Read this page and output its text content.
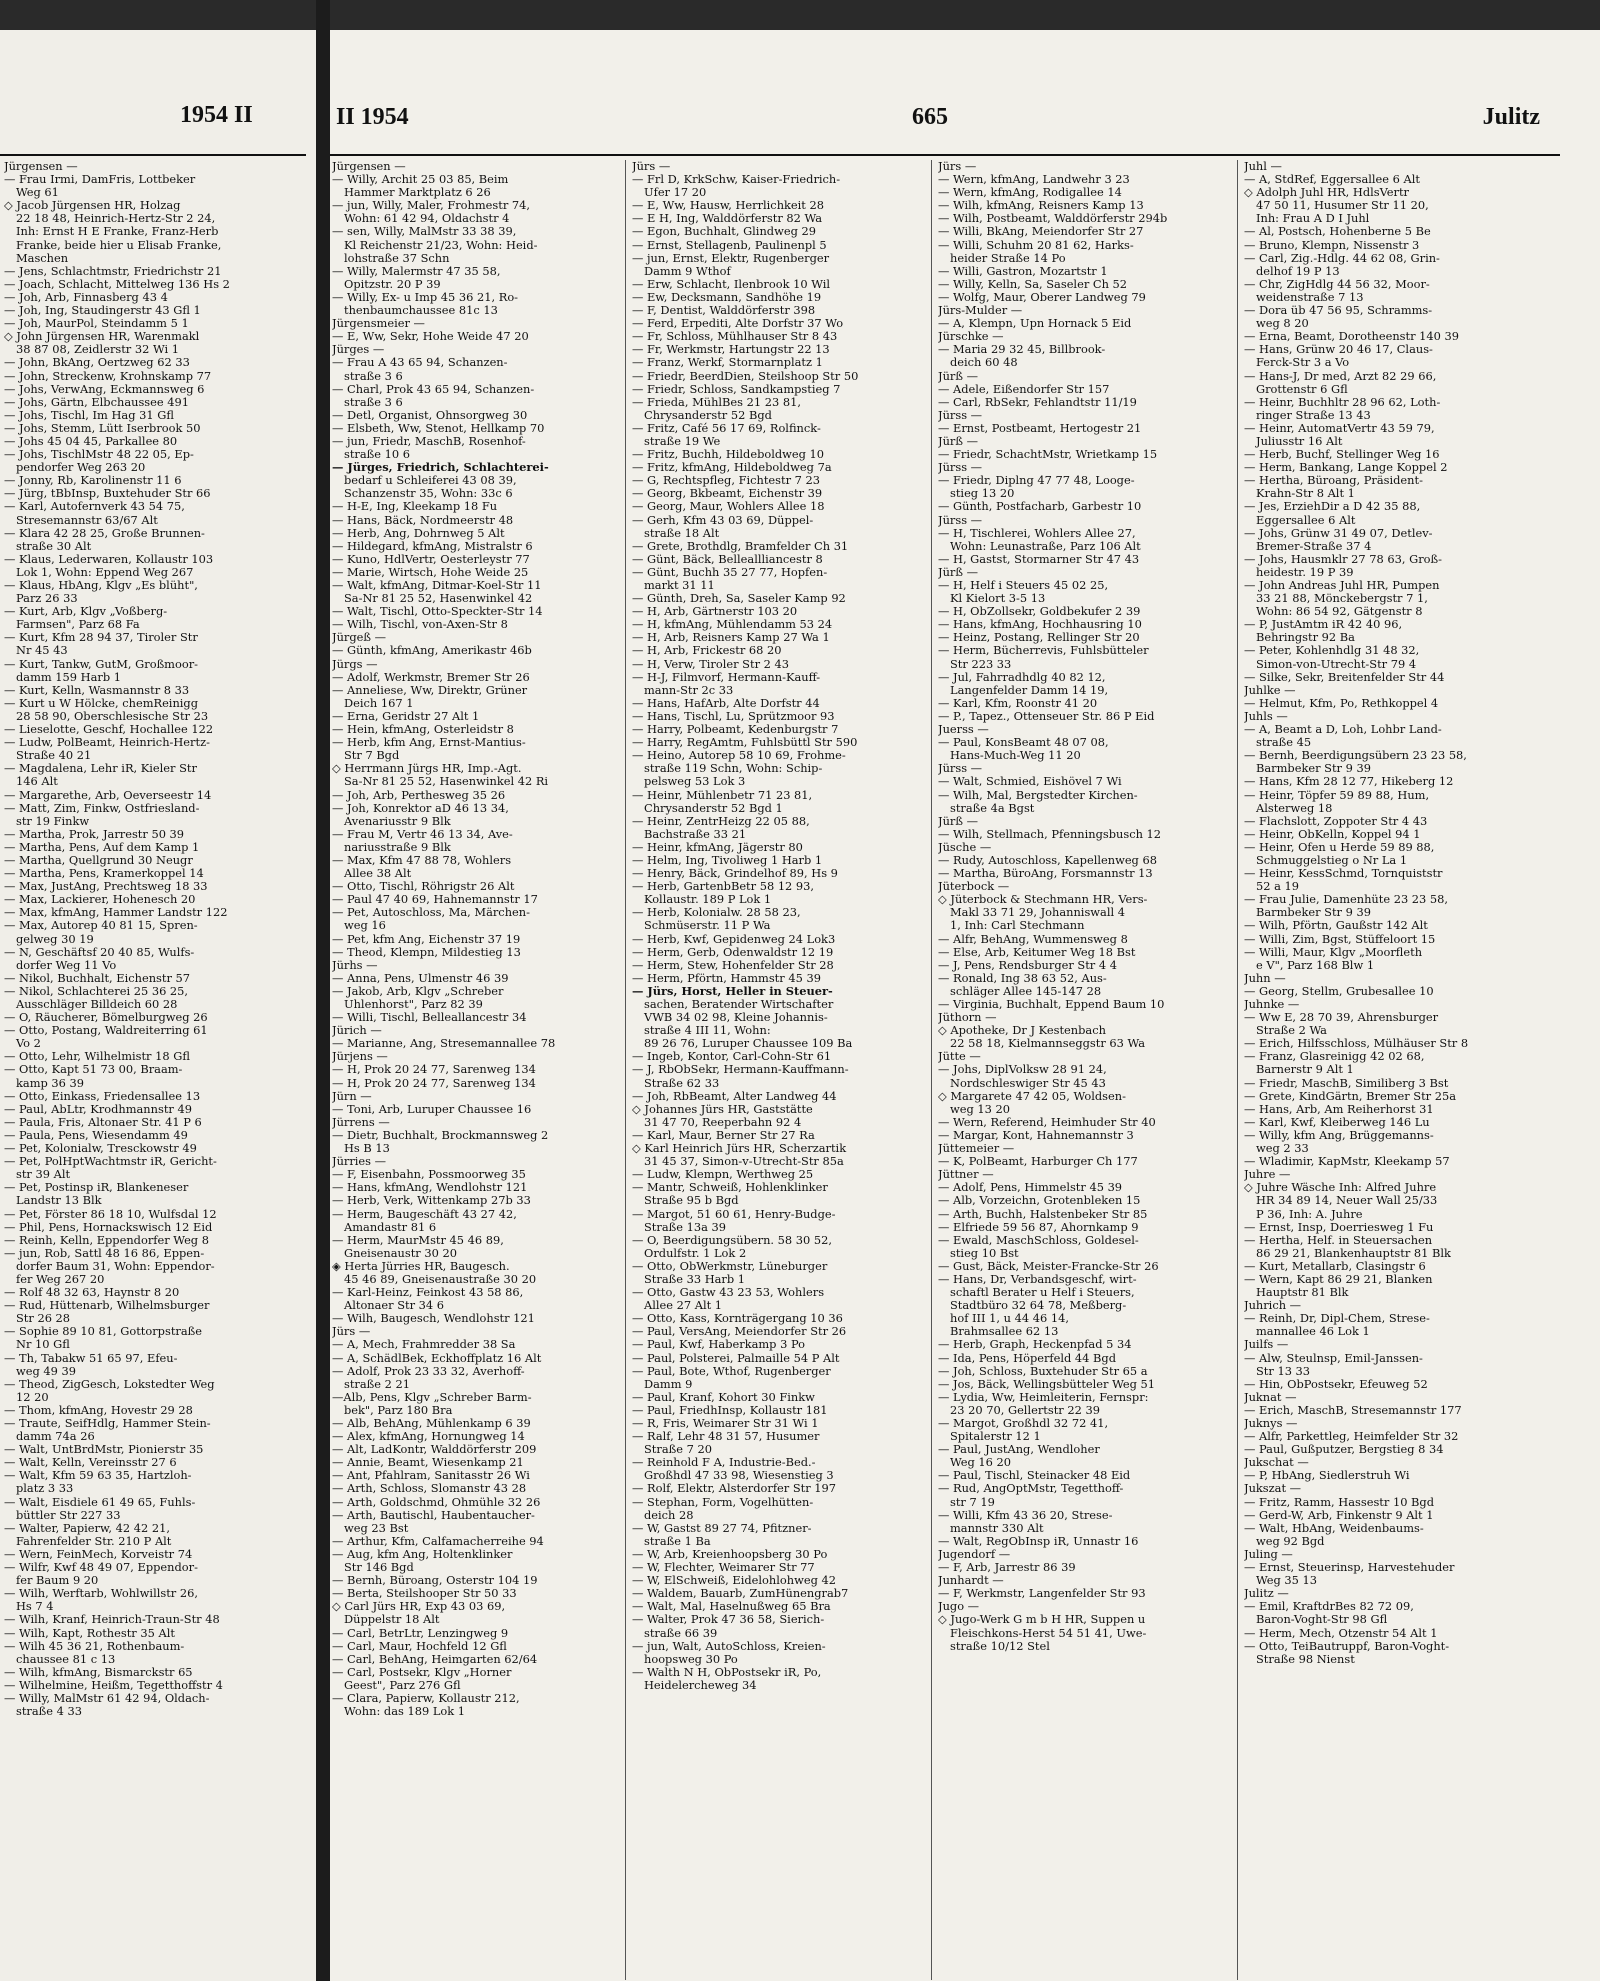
1954 II
Jürgensen —
— Frau Irmi, DamFris, Lottbeker
Weg 61
◇ Jacob Jürgensen HR, Holzag
22 18 48, Heinrich-Hertz-Str 2 24,
Inh: Ernst H E Franke, Franz-Herb
Franke, beide hier u Elisab Franke,
Maschen
— Jens, Schlachtmstr, Friedrichstr 21
— Joach, Schlacht, Mittelweg 136 Hs 2
— Joh, Arb, Finnasberg 43 4
— Joh, Ing, Staudingerstr 43 Gfl 1
— Joh, MaurPol, Steindamm 5 1
◇ John Jürgensen HR, Warenmakl
38 87 08, Zeidlerstr 32 Wi 1
— John, BkAng, Oertzweg 62 33
— John, Streckenw, Krohnskamp 77
— Johs, VerwAng, Eckmannsweg 6
— Johs, Gärtn, Elbchaussee 491
— Johs, Tischl, Im Hag 31 Gfl
— Johs, Stemm, Lütt Iserbrook 50
— Johs 45 04 45, Parkallee 80
— Johs, TischlMstr 48 22 05, Ep-
pendorfer Weg 263 20
— Jonny, Rb, Karolinenstr 11 6
— Jürg, tBbInsp, Buxtehuder Str 66
— Karl, Autofernverk 43 54 75,
Stresemannstr 63/67 Alt
— Klara 42 28 25, Große Brunnen-
straße 30 Alt
— Klaus, Lederwaren, Kollaustr 103
Lok 1, Wohn: Eppend Weg 267
— Klaus, HbAng, Klgv „Es blüht",
Parz 26 33
— Kurt, Arb, Klgv „Voßberg-
Farmsen", Parz 68 Fa
— Kurt, Kfm 28 94 37, Tiroler Str
Nr 45 43
— Kurt, Tankw, GutM, Großmoor-
damm 159 Harb 1
— Kurt, Kelln, Wasmannstr 8 33
— Kurt u W Hölcke, chemReinigg
28 58 90, Oberschlesische Str 23
— Lieselotte, Geschf, Hochallee 122
— Ludw, PolBeamt, Heinrich-Hertz-
Straße 40 21
— Magdalena, Lehr iR, Kieler Str
146 Alt
— Margarethe, Arb, Oeverseestr 14
— Matt, Zim, Finkw, Ostfriesland-
str 19 Finkw
— Martha, Prok, Jarrestr 50 39
— Martha, Pens, Auf dem Kamp 1
— Martha, Quellgrund 30 Neugr
— Martha, Pens, Kramerkoppel 14
— Max, JustAng, Prechtsweg 18 33
— Max, Lackierer, Hohenesch 20
— Max, kfmAng, Hammer Landstr 122
— Max, Autorep 40 81 15, Spren-
gelweg 30 19
— N, Geschäftsf 20 40 85, Wulfs-
dorfer Weg 11 Vo
— Nikol, Buchhalt, Eichenstr 57
— Nikol, Schlachterei 25 36 25,
Ausschläger Billdeich 60 28
— O, Räucherer, Bömelburgweg 26
— Otto, Postang, Waldreiterring 61
Vo 2
— Otto, Lehr, Wilhelmistr 18 Gfl
— Otto, Kapt 51 73 00, Braam-
kamp 36 39
— Otto, Einkass, Friedensallee 13
— Paul, AbLtr, Krodhmannstr 49
— Paula, Fris, Altonaer Str. 41 P 6
— Paula, Pens, Wiesendamm 49
— Pet, Kolonialw, Tresckowstr 49
— Pet, PolHptWachtmstr iR, Gericht-
str 39 Alt
— Pet, Postinsp iR, Blankeneser
Landstr 13 Blk
— Pet, Förster 86 18 10, Wulfsdal 12
— Phil, Pens, Hornackswisch 12 Eid
— Reinh, Kelln, Eppendorfer Weg 8
— jun, Rob, Sattl 48 16 86, Eppen-
dorfer Baum 31, Wohn: Eppendor-
fer Weg 267 20
— Rolf 48 32 63, Haynstr 8 20
— Rud, Hüttenarb, Wilhelmsburger
Str 26 28
— Sophie 89 10 81, Gottorpstraße
Nr 10 Gfl
— Th, Tabakw 51 65 97, Efeu-
weg 49 39
— Theod, ZigGesch, Lokstedter Weg
12 20
— Thom, kfmAng, Hovestr 29 28
— Traute, SeifHdlg, Hammer Stein-
damm 74a 26
— Walt, UntBrdMstr, Pionierstr 35
— Walt, Kelln, Vereinsstr 27 6
— Walt, Kfm 59 63 35, Hartzloh-
platz 3 33
— Walt, Eisdiele 61 49 65, Fuhls-
büttler Str 227 33
— Walter, Papierw, 42 42 21,
Fahrenfelder Str. 210 P Alt
— Wern, FeinMech, Korveistr 74
— Wilfr, Kwf 48 49 07, Eppendor-
fer Baum 9 20
— Wilh, Werftarb, Wohlwillstr 26,
Hs 7 4
— Wilh, Kranf, Heinrich-Traun-Str 48
— Wilh, Kapt, Rothestr 35 Alt
— Wilh 45 36 21, Rothenbaum-
chaussee 81 c 13
— Wilh, kfmAng, Bismarckstr 65
— Wilhelmine, Heißm, Tegetthoffstr 4
— Willy, MalMstr 61 42 94, Oldach-
straße 4 33
II 1954	665	Julitz
Jürgensen —
— Willy, Archit 25 03 85, Beim
Hammer Marktplatz 6 26
— jun, Willy, Maler, Frohmestr 74,
Wohn: 61 42 94, Oldachstr 4
— sen, Willy, MalMstr 33 38 39,
Kl Reichenstr 21/23, Wohn: Heid-
lohstraße 37 Schn
— Willy, Malermstr 47 35 58,
Opitzstr. 20 P 39
— Willy, Ex- u Imp 45 36 21, Ro-
thenbaumchaussee 81c 13
Jürgensmeier —
— E, Ww, Sekr, Hohe Weide 47 20
Jürges —
— Frau A 43 65 94, Schanzen-
straße 3 6
— Charl, Prok 43 65 94, Schanzen-
straße 3 6
— Detl, Organist, Ohnsorgweg 30
— Elsbeth, Ww, Stenot, Hellkamp 70
— jun, Friedr, MaschB, Rosenhof-
straße 10 6
— Jürges, Friedrich, Schlachterei-
bedarf u Schleiferei 43 08 39,
Schanzenstr 35, Wohn: 33c 6
— H-E, Ing, Kleekamp 18 Fu
— Hans, Bäck, Nordmeerstr 48
— Herb, Ang, Dohrnweg 5 Alt
— Hildegard, kfmAng, Mistralstr 6
— Kuno, HdlVertr, Oesterleystr 77
— Marie, Wirtsch, Hohe Weide 25
— Walt, kfmAng, Ditmar-Koel-Str 11
Sa-Nr 81 25 52, Hasenwinkel 42
— Walt, Tischl, Otto-Speckter-Str 14
— Wilh, Tischl, von-Axen-Str 8
Jürgeß —
— Günth, kfmAng, Amerikastr 46b
Jürgs —
— Adolf, Werkmstr, Bremer Str 26
— Anneliese, Ww, Direktr, Grüner
Deich 167 1
— Erna, Geridstr 27 Alt 1
— Hein, kfmAng, Osterleidstr 8
— Herb, kfm Ang, Ernst-Mantius-
Str 7 Bgd
◇ Herrmann Jürgs HR, Imp.-Agt.
Sa-Nr 81 25 52, Hasenwinkel 42 Ri
— Joh, Arb, Perthesweg 35 26
— Joh, Konrektor aD 46 13 34,
Avenariusstr 9 Blk
— Frau M, Vertr 46 13 34, Ave-
nariusstraße 9 Blk
— Max, Kfm 47 88 78, Wohlers
Allee 38 Alt
— Otto, Tischl, Röhrigstr 26 Alt
— Paul 47 40 69, Hahnemannstr 17
— Pet, Autoschloss, Ma, Märchen-
weg 16
— Pet, kfm Ang, Eichenstr 37 19
— Theod, Klempn, Mildestieg 13
Jürhs —
— Anna, Pens, Ulmenstr 46 39
— Jakob, Arb, Klgv „Schreber
Uhlenhorst", Parz 82 39
— Willi, Tischl, Belleallancestr 34
Jürich —
— Marianne, Ang, Stresemannallee 78
Jürjens —
— H, Prok 20 24 77, Sarenweg 134
— H, Prok 20 24 77, Sarenweg 134
Jürn —
— Toni, Arb, Luruper Chaussee 16
Jürrens —
— Dietr, Buchhalt, Brockmannsweg 2
Hs B 13
Jürries —
— F, Eisenbahn, Possmoorweg 35
— Hans, kfmAng, Wendlohstr 121
— Herb, Verk, Wittenkamp 27b 33
— Herm, Baugeschäft 43 27 42,
Amandastr 81 6
— Herm, MaurMstr 45 46 89,
Gneisenaustr 30 20
◈ Herta Jürries HR, Baugesch.
45 46 89, Gneisenaustraße 30 20
— Karl-Heinz, Feinkost 43 58 86,
Altonaer Str 34 6
— Wilh, Baugesch, Wendlohstr 121
Jürs —
— A, Mech, Frahmredder 38 Sa
— A, SchädlBek, Eckhoffplatz 16 Alt
— Adolf, Prok 23 33 32, Averhoff-
straße 2 21
—Alb, Pens, Klgv „Schreber Barm-
bek", Parz 180 Bra
— Alb, BehAng, Mühlenkamp 6 39
— Alex, kfmAng, Hornungweg 14
— Alt, LadKontr, Walddörferstr 209
— Annie, Beamt, Wiesenkamp 21
— Ant, Pfahlram, Sanitasstr 26 Wi
— Arth, Schloss, Slomanstr 43 28
— Arth, Goldschmd, Ohmühle 32 26
— Arth, Bautischl, Haubentaucher-
weg 23 Bst
— Arthur, Kfm, Calfamacherreihe 94
— Aug, kfm Ang, Holtenklinker
Str 146 Bgd
— Bernh, Büroang, Osterstr 104 19
— Berta, Steilshooper Str 50 33
◇ Carl Jürs HR, Exp 43 03 69,
Düppelstr 18 Alt
— Carl, BetrLtr, Lenzingweg 9
— Carl, Maur, Hochfeld 12 Gfl
— Carl, BehAng, Heimgarten 62/64
— Carl, Postsekr, Klgv „Horner
Geest", Parz 276 Gfl
— Clara, Papierw, Kollaustr 212,
Wohn: das 189 Lok 1
Jürs —
— Frl D, KrkSchw, Kaiser-Friedrich-
Ufer 17 20
— E, Ww, Hausw, Herrlichkeit 28
— E H, Ing, Walddörferstr 82 Wa
— Egon, Buchhalt, Glindweg 29
— Ernst, Stellagenb, Paulinenpl 5
— jun, Ernst, Elektr, Rugenberger
Damm 9 Wthof
— Erw, Schlacht, Ilenbrook 10 Wil
— Ew, Decksmann, Sandhöhe 19
— F, Dentist, Walddörferstr 398
— Ferd, Erpediti, Alte Dorfstr 37 Wo
— Fr, Schloss, Mühlhauser Str 8 43
— Fr, Werkmstr, Hartungstr 22 13
— Franz, Werkf, Stormarnplatz 1
— Friedr, BeerdDien, Steilshoop Str 50
— Friedr, Schloss, Sandkampstieg 7
— Frieda, MühlBes 21 23 81,
Chrysanderstr 52 Bgd
— Fritz, Café 56 17 69, Rolfinck-
straße 19 We
— Fritz, Buchh, Hildeboldweg 10
— Fritz, kfmAng, Hildeboldweg 7a
— G, Rechtspfleg, Fichtestr 7 23
— Georg, Bkbeamt, Eichenstr 39
— Georg, Maur, Wohlers Allee 18
— Gerh, Kfm 43 03 69, Düppel-
straße 18 Alt
— Grete, Brothdlg, Bramfelder Ch 31
— Günt, Bäck, Belleallliancestr 8
— Günt, Buchh 35 27 77, Hopfen-
markt 31 11
— Günth, Dreh, Sa, Saseler Kamp 92
— H, Arb, Gärtnerstr 103 20
— H, kfmAng, Mühlendamm 53 24
— H, Arb, Reisners Kamp 27 Wa 1
— H, Arb, Frickestr 68 20
— H, Verw, Tiroler Str 2 43
— H-J, Filmvorf, Hermann-Kauff-
mann-Str 2c 33
— Hans, HafArb, Alte Dorfstr 44
— Hans, Tischl, Lu, Sprützmoor 93
— Harry, Polbeamt, Kedenburgstr 7
— Harry, RegAmtm, Fuhlsbüttl Str 590
— Heino, Autorep 58 10 69, Frohme-
straße 119 Schn, Wohn: Schip-
pelsweg 53 Lok 3
— Heinr, Mühlenbetr 71 23 81,
Chrysanderstr 52 Bgd 1
— Heinr, ZentrHeizg 22 05 88,
Bachstraße 33 21
— Heinr, kfmAng, Jägerstr 80
— Helm, Ing, Tivoliweg 1 Harb 1
— Henry, Bäck, Grindelhof 89, Hs 9
— Herb, GartenbBetr 58 12 93,
Kollaustr. 189 P Lok 1
— Herb, Kolonialw. 28 58 23,
Schmüserstr. 11 P Wa
— Herb, Kwf, Gepidenweg 24 Lok3
— Herm, Gerb, Odenwaldstr 12 19
— Herm, Stew, Hohenfelder Str 28
— Herm, Pförtn, Hammstr 45 39
— Jürs, Horst, Heller in Steuer-
sachen, Beratender Wirtschafter
VWB 34 02 98, Kleine Johannis-
straße 4 III 11, Wohn:
89 26 76, Luruper Chaussee 109 Ba
— Ingeb, Kontor, Carl-Cohn-Str 61
— J, RbObSekr, Hermann-Kauffmann-
Straße 62 33
— Joh, RbBeamt, Alter Landweg 44
◇ Johannes Jürs HR, Gaststätte
31 47 70, Reeperbahn 92 4
— Karl, Maur, Berner Str 27 Ra
◇ Karl Heinrich Jürs HR, Scherzartik
31 45 37, Simon-v-Utrecht-Str 85a
— Ludw, Klempn, Werthweg 25
— Mantr, Schweiß, Hohlenklinker
Straße 95 b Bgd
— Margot, 51 60 61, Henry-Budge-
Straße 13a 39
— O, Beerdigungsübern. 58 30 52,
Ordulfstr. 1 Lok 2
— Otto, ObWerkmstr, Lüneburger
Straße 33 Harb 1
— Otto, Gastw 43 23 53, Wohlers
Allee 27 Alt 1
— Otto, Kass, Kornträgergang 10 36
— Paul, VersAng, Meiendorfer Str 26
— Paul, Kwf, Haberkamp 3 Po
— Paul, Polsterei, Palmaille 54 P Alt
— Paul, Bote, Wthof, Rugenberger
Damm 9
— Paul, Kranf, Kohort 30 Finkw
— Paul, FriedhInsp, Kollaustr 181
— R, Fris, Weimarer Str 31 Wi 1
— Ralf, Lehr 48 31 57, Husumer
Straße 7 20
— Reinhold F A, Industrie-Bed.-
Großhdl 47 33 98, Wiesenstieg 3
— Rolf, Elektr, Alsterdorfer Str 197
— Stephan, Form, Vogelhütten-
deich 28
— W, Gastst 89 27 74, Pfitzner-
straße 1 Ba
— W, Arb, Kreienhoopsberg 30 Po
— W, Flechter, Weimarer Str 77
— W, ElSchweiß, Eidelohlohweg 42
— Waldem, Bauarb, ZumHünengrab7
— Walt, Mal, Haselnußweg 65 Bra
— Walter, Prok 47 36 58, Sierich-
straße 66 39
— jun, Walt, AutoSchloss, Kreien-
hoopsweg 30 Po
— Walth N H, ObPostsekr iR, Po,
Heidelercheweg 34
Jürs —
— Wern, kfmAng, Landwehr 3 23
— Wern, kfmAng, Rodigallee 14
— Wilh, kfmAng, Reisners Kamp 13
— Wilh, Postbeamt, Walddörferstr 294b
— Willi, BkAng, Meiendorfer Str 27
— Willi, Schuhm 20 81 62, Harks-
heider Straße 14 Po
— Willi, Gastron, Mozartstr 1
— Willy, Kelln, Sa, Saseler Ch 52
— Wolfg, Maur, Oberer Landweg 79
Jürs-Mulder —
— A, Klempn, Upn Hornack 5 Eid
Jürschke —
— Maria 29 32 45, Billbrook-
deich 60 48
Jürß —
— Adele, Eißendorfer Str 157
— Carl, RbSekr, Fehlandtstr 11/19
Jürss —
— Ernst, Postbeamt, Hertogestr 21
Jürß —
— Friedr, SchachtMstr, Wrietkamp 15
Jürss —
— Friedr, Diplng 47 77 48, Looge-
stieg 13 20
— Günth, Postfacharb, Garbestr 10
Jürss —
— H, Tischlerei, Wohlers Allee 27,
Wohn: Leunastraße, Parz 106 Alt
— H, Gastst, Stormarner Str 47 43
Jürß —
— H, Helf i Steuers 45 02 25,
Kl Kielort 3-5 13
— H, ObZollsekr, Goldbekufer 2 39
— Hans, kfmAng, Hochhausring 10
— Heinz, Postang, Rellinger Str 20
— Herm, Bücherrevis, Fuhlsbütteler
Str 223 33
— Jul, Fahrradhdlg 40 82 12,
Langenfelder Damm 14 19,
— Karl, Kfm, Roonstr 41 20
— P., Tapez., Ottenseuer Str. 86 P Eid
Juerss —
— Paul, KonsBeamt 48 07 08,
Hans-Much-Weg 11 20
Jürss —
— Walt, Schmied, Eishövel 7 Wi
— Wilh, Mal, Bergstedter Kirchen-
straße 4a Bgst
Jürß —
— Wilh, Stellmach, Pfenningsbusch 12
Jüsche —
— Rudy, Autoschloss, Kapellenweg 68
— Martha, BüroAng, Forsmannstr 13
Jüterbock —
◇ Jüterbock & Stechmann HR, Vers-
Makl 33 71 29, Johanniswall 4
1, Inh: Carl Stechmann
— Alfr, BehAng, Wummensweg 8
— Else, Arb, Keitumer Weg 18 Bst
— J, Pens, Rendsburger Str 4 4
— Ronald, Ing 38 63 52, Aus-
schläger Allee 145-147 28
— Virginia, Buchhalt, Eppend Baum 10
Jüthorn —
◇ Apotheke, Dr J Kestenbach
22 58 18, Kielmannseggstr 63 Wa
Jütte —
— Johs, DiplVolksw 28 91 24,
Nordschleswiger Str 45 43
◇ Margarete 47 42 05, Woldsen-
weg 13 20
— Wern, Referend, Heimhuder Str 40
— Margar, Kont, Hahnemannstr 3
Jüttemeier —
— K, PolBeamt, Harburger Ch 177
Jüttner —
— Adolf, Pens, Himmelstr 45 39
— Alb, Vorzeichn, Grotenbleken 15
— Arth, Buchh, Halstenbeker Str 85
— Elfriede 59 56 87, Ahornkamp 9
— Ewald, MaschSchloss, Goldesel-
stieg 10 Bst
— Gust, Bäck, Meister-Francke-Str 26
— Hans, Dr, Verbandsgeschf, wirt-
schaftl Berater u Helf i Steuers,
Stadtbüro 32 64 78, Meßberg-
hof III 1, u 44 46 14,
Brahmsallee 62 13
— Herb, Graph, Heckenpfad 5 34
— Ida, Pens, Höperfeld 44 Bgd
— Joh, Schloss, Buxtehuder Str 65 a
— Jos, Bäck, Wellingsbütteler Weg 51
— Lydia, Ww, Heimleiterin, Fernspr:
23 20 70, Gellertstr 22 39
— Margot, Großhdl 32 72 41,
Spitalerstr 12 1
— Paul, JustAng, Wendloher
Weg 16 20
— Paul, Tischl, Steinacker 48 Eid
— Rud, AngOptMstr, Tegetthoff-
str 7 19
— Willi, Kfm 43 36 20, Strese-
mannstr 330 Alt
— Walt, RegObInsp iR, Unnastr 16
Jugendorf —
— F, Arb, Jarrestr 86 39
Junhardt —
— F, Werkmstr, Langenfelder Str 93
Jugo —
◇ Jugo-Werk G m b H HR, Suppen u
Fleischkons-Herst 54 51 41, Uwe-
straße 10/12 Stel
Juhl —
— A, StdRef, Eggersallee 6 Alt
◇ Adolph Juhl HR, HdlsVertr
47 50 11, Husumer Str 11 20,
Inh: Frau A D I Juhl
— Al, Postsch, Hohenberne 5 Be
— Bruno, Klempn, Nissenstr 3
— Carl, Zig.-Hdlg. 44 62 08, Grin-
delhof 19 P 13
— Chr, ZigHdlg 44 56 32, Moor-
weidenstraße 7 13
— Dora üb 47 56 95, Schramms-
weg 8 20
— Erna, Beamt, Dorotheenstr 140 39
— Hans, Grünw 20 46 17, Claus-
Ferck-Str 3 a Vo
— Hans-J, Dr med, Arzt 82 29 66,
Grottenstr 6 Gfl
— Heinr, Buchhltr 28 96 62, Loth-
ringer Straße 13 43
— Heinr, AutomatVertr 43 59 79,
Juliusstr 16 Alt
— Herb, Buchf, Stellinger Weg 16
— Herm, Bankang, Lange Koppel 2
— Hertha, Büroang, Präsident-
Krahn-Str 8 Alt 1
— Jes, ErziehDir a D 42 35 88,
Eggersallee 6 Alt
— Johs, Grünw 31 49 07, Detlev-
Bremer-Straße 37 4
— Johs, Hausmklr 27 78 63, Groß-
heidestr. 19 P 39
— John Andreas Juhl HR, Pumpen
33 21 88, Mönckebergstr 7 1,
Wohn: 86 54 92, Gätgenstr 8
— P, JustAmtm iR 42 40 96,
Behringstr 92 Ba
— Peter, Kohlenhdlg 31 48 32,
Simon-von-Utrecht-Str 79 4
— Silke, Sekr, Breitenfelder Str 44
Juhlke —
— Helmut, Kfm, Po, Rethkoppel 4
Juhls —
— A, Beamt a D, Loh, Lohbr Land-
straße 45
— Bernh, Beerdigungsübern 23 23 58,
Barmbeker Str 9 39
— Hans, Kfm 28 12 77, Hikeberg 12
— Heinr, Töpfer 59 89 88, Hum,
Alsterweg 18
— Flachslott, Zoppoter Str 4 43
— Heinr, ObKelln, Koppel 94 1
— Heinr, Ofen u Herde 59 89 88,
Schmuggelstieg o Nr La 1
— Heinr, KessSchmd, Tornquiststr
52 a 19
— Frau Julie, Damenhüte 23 23 58,
Barmbeker Str 9 39
— Wilh, Pförtn, Gaußstr 142 Alt
— Willi, Zim, Bgst, Stüffeloort 15
— Willi, Maur, Klgv „Moorfleth
e V", Parz 168 Blw 1
Juhn —
— Georg, Stellm, Grubesallee 10
Juhnke —
— Ww E, 28 70 39, Ahrensburger
Straße 2 Wa
— Erich, Hilfsschloss, Mülhäuser Str 8
— Franz, Glasreinigg 42 02 68,
Barnerstr 9 Alt 1
— Friedr, MaschB, Similiberg 3 Bst
— Grete, KindGärtn, Bremer Str 25a
— Hans, Arb, Am Reiherhorst 31
— Karl, Kwf, Kleiberweg 146 Lu
— Willy, kfm Ang, Brüggemanns-
weg 2 33
— Wladimir, KapMstr, Kleekamp 57
Juhre —
◇ Juhre Wäsche Inh: Alfred Juhre
HR 34 89 14, Neuer Wall 25/33
P 36, Inh: A. Juhre
— Ernst, Insp, Doerriesweg 1 Fu
— Hertha, Helf. in Steuersachen
86 29 21, Blankenhauptstr 81 Blk
— Kurt, Metallarb, Clasingstr 6
— Wern, Kapt 86 29 21, Blanken
Hauptstr 81 Blk
Juhrich —
— Reinh, Dr, Dipl-Chem, Strese-
mannallee 46 Lok 1
Juilfs —
— Alw, Steulnsp, Emil-Janssen-
Str 13 33
— Hin, ObPostsekr, Efeuweg 52
Juknat —
— Erich, MaschB, Stresemannstr 177
Juknys —
— Alfr, Parkettleg, Heimfelder Str 32
— Paul, Gußputzer, Bergstieg 8 34
Jukschat —
— P, HbAng, Siedlerstruh Wi
Jukszat —
— Fritz, Ramm, Hassestr 10 Bgd
— Gerd-W, Arb, Finkenstr 9 Alt 1
— Walt, HbAng, Weidenbaums-
weg 92 Bgd
Juling —
— Ernst, Steuerinsp, Harvestehuder
Weg 35 13
Julitz —
— Emil, KraftdrBes 82 72 09,
Baron-Voght-Str 98 Gfl
— Herm, Mech, Otzenstr 54 Alt 1
— Otto, TeiBautruppf, Baron-Voght-
Straße 98 Nienst
